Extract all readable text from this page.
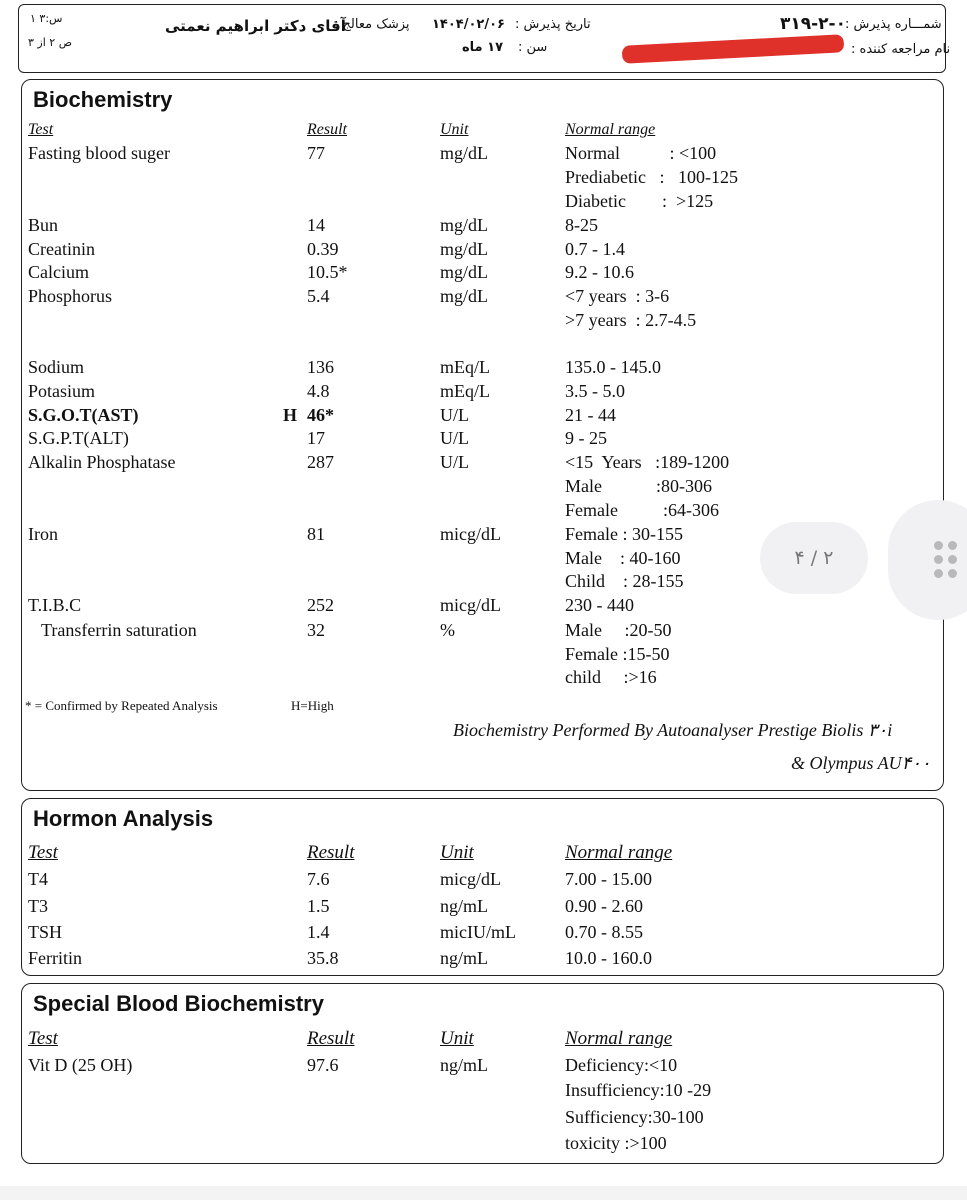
س:۳ ۱
ص ۲ از ۳
آقای دکتر ابراهیم نعمتی
پزشک معالج : ۱۴۰۴/۰۲/۰۶ تاریخ پذیرش :
۱۷ ماه سن :
۳۱۹-۲-۰ شمـــاره پذیرش :
نام مراجعه کننده :
Biochemistry
Test	Result	Unit	Normal range
Fasting blood suger	77	mg/dL	Normal           : <100
Prediabetic   :   100-125
Diabetic        :  >125
Bun	14	mg/dL	8-25
Creatinin	0.39	mg/dL	0.7 - 1.4
Calcium	10.5*	mg/dL	9.2 - 10.6
Phosphorus	5.4	mg/dL	<7 years  : 3-6
>7 years  : 2.7-4.5
Sodium	136	mEq/L	135.0 - 145.0
Potasium	4.8	mEq/L	3.5 - 5.0
S.G.O.T(AST)	H 46*	U/L	21 - 44
S.G.P.T(ALT)	17	U/L	9 - 25
Alkalin Phosphatase	287	U/L	<15  Years   :189-1200
Male            :80-306
Female          :64-306
Iron	81	micg/dL	Female : 30-155
Male    : 40-160
Child    : 28-155
T.I.B.C	252	micg/dL	230 - 440
Transferrin saturation	32	%	Male     :20-50
Female :15-50
child     :>16
* = Confirmed by Repeated Analysis	H=High
Biochemistry Performed By Autoanalyser Prestige Biolis ۳۰i
& Olympus AU۴۰۰
Hormon Analysis
Test	Result	Unit	Normal range
T4	7.6	micg/dL	7.00 - 15.00
T3	1.5	ng/mL	0.90 - 2.60
TSH	1.4	micIU/mL	0.70 - 8.55
Ferritin	35.8	ng/mL	10.0 - 160.0
Special Blood Biochemistry
Test	Result	Unit	Normal range
Vit D (25 OH)	97.6	ng/mL	Deficiency:<10
Insufficiency:10 -29
Sufficiency:30-100
toxicity :>100
۴ / ۲
